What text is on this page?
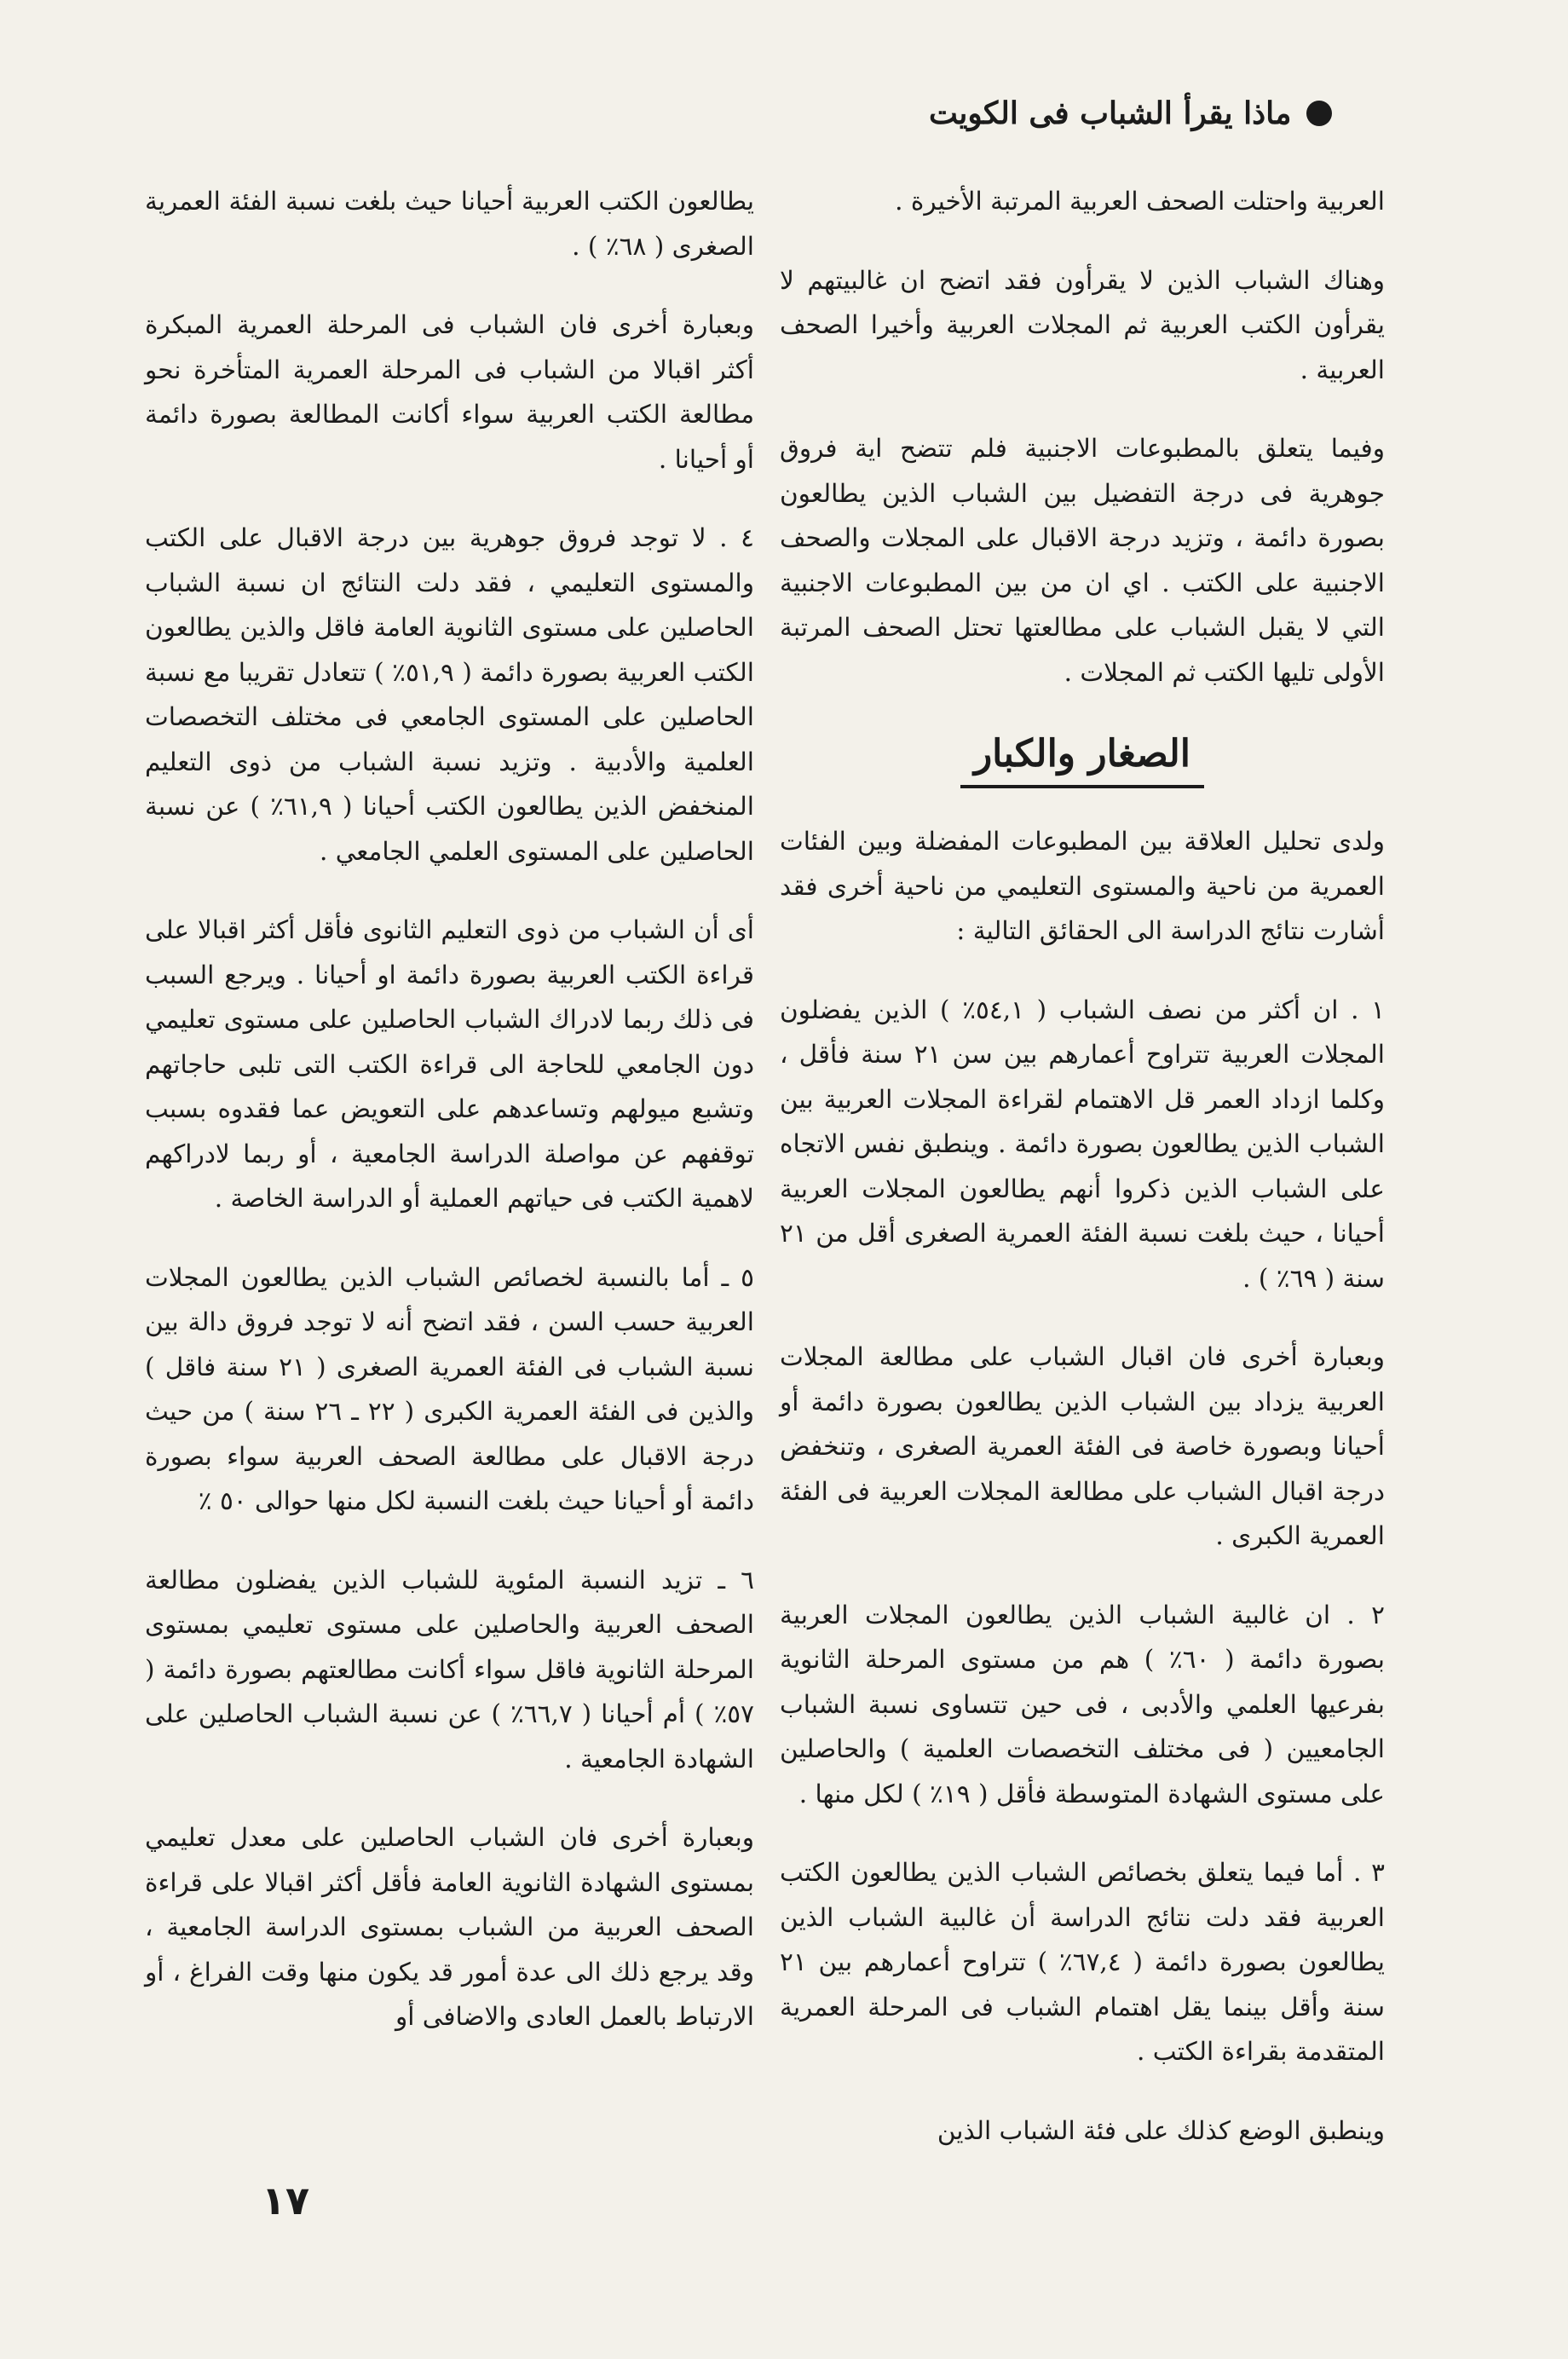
ماذا يقرأ الشباب فى الكويت

العربية واحتلت الصحف العربية المرتبة الأخيرة .

وهناك الشباب الذين لا يقرأون فقد اتضح ان غالبيتهم لا يقرأون الكتب العربية ثم المجلات العربية وأخيرا الصحف العربية .

وفيما يتعلق بالمطبوعات الاجنبية فلم تتضح اية فروق جوهرية فى درجة التفضيل بين الشباب الذين يطالعون بصورة دائمة ، وتزيد درجة الاقبال على المجلات والصحف الاجنبية على الكتب . اي ان من بين المطبوعات الاجنبية التي لا يقبل الشباب على مطالعتها تحتل الصحف المرتبة الأولى تليها الكتب ثم المجلات .

الصغار والكبار

ولدى تحليل العلاقة بين المطبوعات المفضلة وبين الفئات العمرية من ناحية والمستوى التعليمي من ناحية أخرى فقد أشارت نتائج الدراسة الى الحقائق التالية :

١ . ان أكثر من نصف الشباب ( ٥٤,١٪ ) الذين يفضلون المجلات العربية تتراوح أعمارهم بين سن ٢١ سنة فأقل ، وكلما ازداد العمر قل الاهتمام لقراءة المجلات العربية بين الشباب الذين يطالعون بصورة دائمة . وينطبق نفس الاتجاه على الشباب الذين ذكروا أنهم يطالعون المجلات العربية أحيانا ، حيث بلغت نسبة الفئة العمرية الصغرى أقل من ٢١ سنة ( ٦٩٪ ) .

وبعبارة أخرى فان اقبال الشباب على مطالعة المجلات العربية يزداد بين الشباب الذين يطالعون بصورة دائمة أو أحيانا وبصورة خاصة فى الفئة العمرية الصغرى ، وتنخفض درجة اقبال الشباب على مطالعة المجلات العربية فى الفئة العمرية الكبرى .

٢ . ان غالبية الشباب الذين يطالعون المجلات العربية بصورة دائمة ( ٦٠٪ ) هم من مستوى المرحلة الثانوية بفرعيها العلمي والأدبى ، فى حين تتساوى نسبة الشباب الجامعيين ( فى مختلف التخصصات العلمية ) والحاصلين على مستوى الشهادة المتوسطة فأقل ( ١٩٪ ) لكل منها .

٣ . أما فيما يتعلق بخصائص الشباب الذين يطالعون الكتب العربية فقد دلت نتائج الدراسة أن غالبية الشباب الذين يطالعون بصورة دائمة ( ٦٧,٤٪ ) تتراوح أعمارهم بين ٢١ سنة وأقل بينما يقل اهتمام الشباب فى المرحلة العمرية المتقدمة بقراءة الكتب .

وينطبق الوضع كذلك على فئة الشباب الذين

يطالعون الكتب العربية أحيانا حيث بلغت نسبة الفئة العمرية الصغرى ( ٦٨٪ ) .

وبعبارة أخرى فان الشباب فى المرحلة العمرية المبكرة أكثر اقبالا من الشباب فى المرحلة العمرية المتأخرة نحو مطالعة الكتب العربية سواء أكانت المطالعة بصورة دائمة أو أحيانا .

٤ . لا توجد فروق جوهرية بين درجة الاقبال على الكتب والمستوى التعليمي ، فقد دلت النتائج ان نسبة الشباب الحاصلين على مستوى الثانوية العامة فاقل والذين يطالعون الكتب العربية بصورة دائمة ( ٥١,٩٪ ) تتعادل تقريبا مع نسبة الحاصلين على المستوى الجامعي فى مختلف التخصصات العلمية والأدبية . وتزيد نسبة الشباب من ذوى التعليم المنخفض الذين يطالعون الكتب أحيانا ( ٦١,٩٪ ) عن نسبة الحاصلين على المستوى العلمي الجامعي .

أى أن الشباب من ذوى التعليم الثانوى فأقل أكثر اقبالا على قراءة الكتب العربية بصورة دائمة او أحيانا . ويرجع السبب فى ذلك ربما لادراك الشباب الحاصلين على مستوى تعليمي دون الجامعي للحاجة الى قراءة الكتب التى تلبى حاجاتهم وتشبع ميولهم وتساعدهم على التعويض عما فقدوه بسبب توقفهم عن مواصلة الدراسة الجامعية ، أو ربما لادراكهم لاهمية الكتب فى حياتهم العملية أو الدراسة الخاصة .

٥ ـ أما بالنسبة لخصائص الشباب الذين يطالعون المجلات العربية حسب السن ، فقد اتضح أنه لا توجد فروق دالة بين نسبة الشباب فى الفئة العمرية الصغرى ( ٢١ سنة فاقل ) والذين فى الفئة العمرية الكبرى ( ٢٢ ـ ٢٦ سنة ) من حيث درجة الاقبال على مطالعة الصحف العربية سواء بصورة دائمة أو أحيانا حيث بلغت النسبة لكل منها حوالى ٥٠ ٪

٦ ـ تزيد النسبة المئوية للشباب الذين يفضلون مطالعة الصحف العربية والحاصلين على مستوى تعليمي بمستوى المرحلة الثانوية فاقل سواء أكانت مطالعتهم بصورة دائمة ( ٥٧٪ ) أم أحيانا ( ٦٦,٧٪ ) عن نسبة الشباب الحاصلين على الشهادة الجامعية .

وبعبارة أخرى فان الشباب الحاصلين على معدل تعليمي بمستوى الشهادة الثانوية العامة فأقل أكثر اقبالا على قراءة الصحف العربية من الشباب بمستوى الدراسة الجامعية ، وقد يرجع ذلك الى عدة أمور قد يكون منها وقت الفراغ ، أو الارتباط بالعمل العادى والاضافى أو

١٧
